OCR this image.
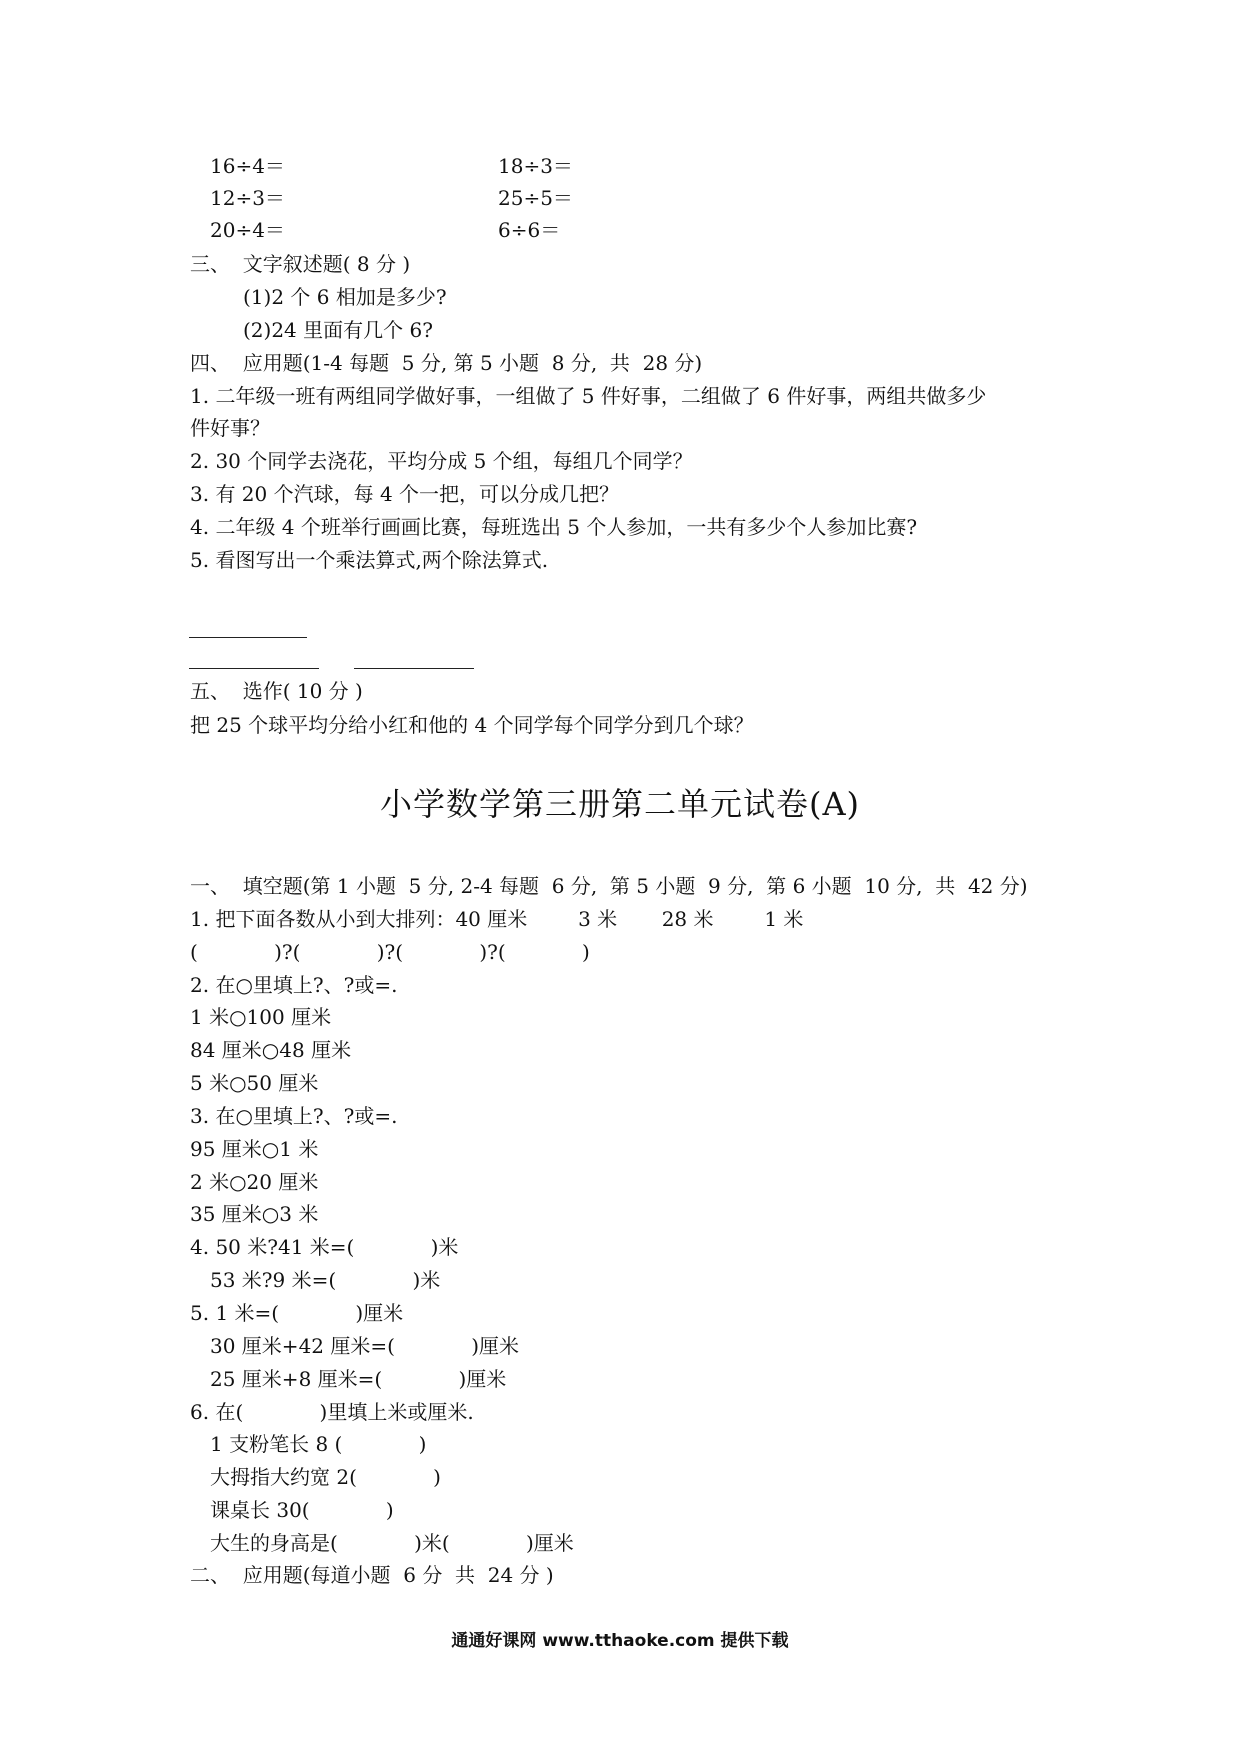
16÷4＝	18÷3＝
12÷3＝	25÷5＝
20÷4＝	6÷6＝
三、  文字叙述题( 8 分 )
(1)2 个 6 相加是多少?
(2)24 里面有几个 6?
四、  应用题(1-4 每题  5 分, 第 5 小题  8 分,  共  28 分)
1. 二年级一班有两组同学做好事，一组做了 5 件好事，二组做了 6 件好事，两组共做多少
件好事？
2. 30 个同学去浇花，平均分成 5 个组，每组几个同学？
3. 有 20 个汽球，每 4 个一把，可以分成几把？
4. 二年级 4 个班举行画画比赛，每班选出 5 个人参加，一共有多少个人参加比赛?
5. 看图写出一个乘法算式,两个除法算式.
五、  选作( 10 分 )
把 25 个球平均分给小红和他的 4 个同学每个同学分到几个球？
小学数学第三册第二单元试卷(A)
一、  填空题(第 1 小题  5 分, 2-4 每题  6 分,  第 5 小题  9 分,  第 6 小题  10 分,  共  42 分)
1. 把下面各数从小到大排列：40 厘米        3 米       28 米        1 米
(            )?(            )?(            )?(            )
2. 在○里填上?、?或=.
1 米○100 厘米
84 厘米○48 厘米
5 米○50 厘米
3. 在○里填上?、?或=.
95 厘米○1 米
2 米○20 厘米
35 厘米○3 米
4. 50 米?41 米=(            )米
53 米?9 米=(            )米
5. 1 米=(            )厘米
30 厘米+42 厘米=(            )厘米
25 厘米+8 厘米=(            )厘米
6. 在(            )里填上米或厘米.
1 支粉笔长 8 (            )
大拇指大约宽 2(            )
课桌长 30(            )
大生的身高是(            )米(            )厘米
二、  应用题(每道小题  6 分  共  24 分 )
通通好课网 www.tthaoke.com 提供下载
